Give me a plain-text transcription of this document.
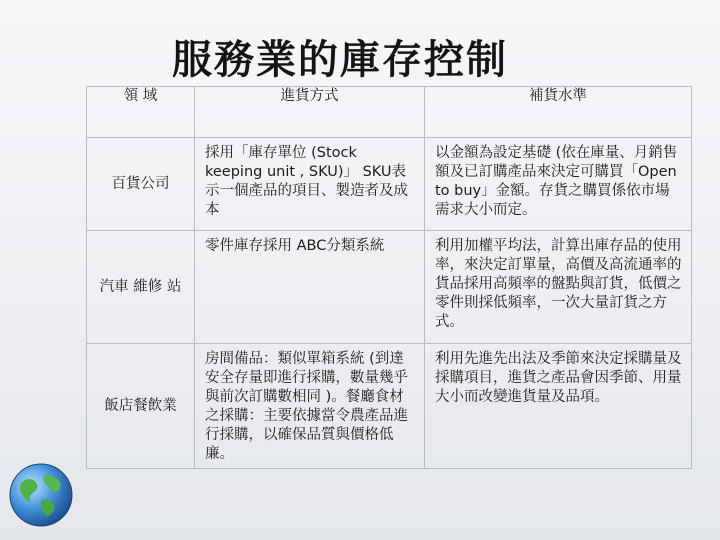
服務業的庫存控制
領 域	進貨方式	補貨水準
百貨公司	採用「庫存單位 (Stock keeping unit , SKU)」 SKU表示一個產品的項目、製造者及成本	以金額為設定基礎 (依在庫量、月銷售額及已訂購產品來決定可購買「Open to buy」金額。存貨之購買係依市場需求大小而定。

汽車 維修 站	零件庫存採用 ABC分類系統	利用加權平均法，計算出庫存品的使用率，來決定訂單量，高價及高流通率的貨品採用高頻率的盤點與訂貨，低價之零件則採低頻率，一次大量訂貨之方式。

飯店餐飲業	房間備品：類似單箱系統 (到達安全存量即進行採購，數量幾乎與前次訂購數相同 )。餐廳食材之採購：主要依據當令農產品進行採購，以確保品質與價格低廉。	利用先進先出法及季節來決定採購量及採購項目，進貨之產品會因季節、用量大小而改變進貨量及品項。
